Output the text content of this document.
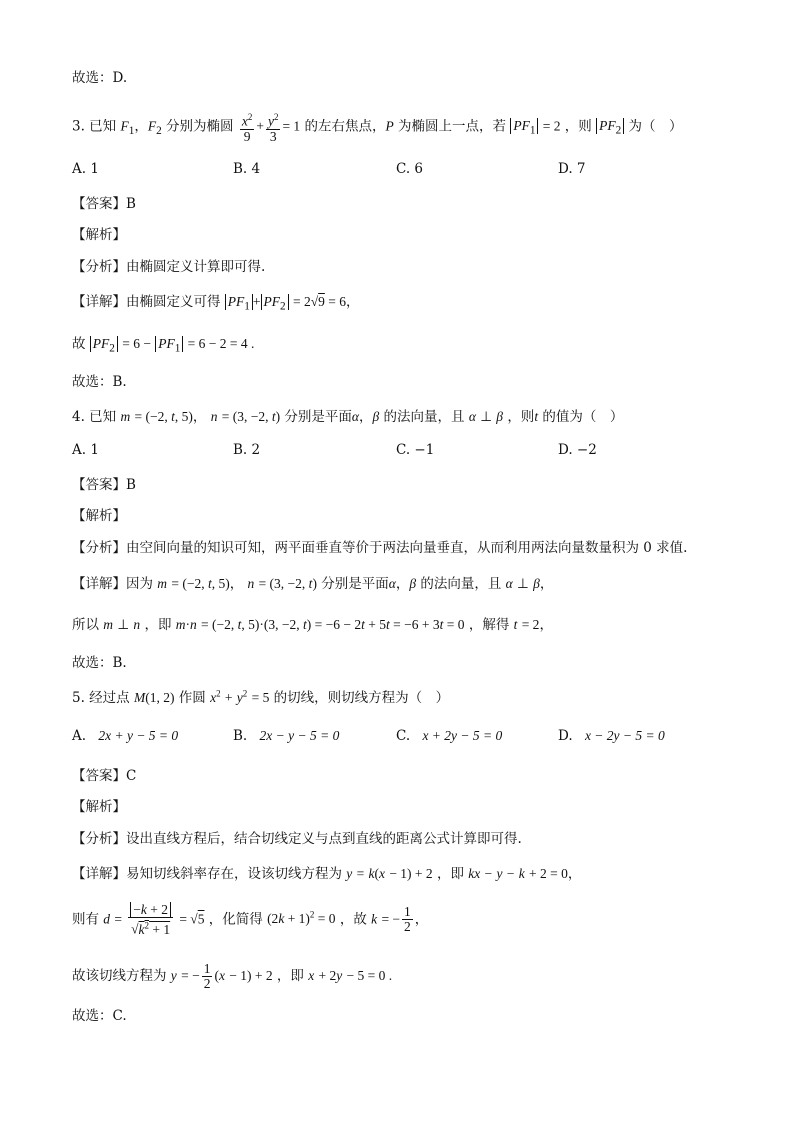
故选：D.
3. 已知 $F_1$，$F_2$ 分别为椭圆 $\frac{x^2}{9} + \frac{y^2}{3} = 1$ 的左右焦点，P 为椭圆上一点，若 $PF_1 = 2$ ，则 $PF_2$ 为（　）
A. 1	B. 4	C. 6	D. 7
【答案】B
【解析】
【分析】由椭圆定义计算即可得.
【详解】由椭圆定义可得 $PF_1 + PF_2 = 2√9 = 6$，
故 $PF_2 = 6 - PF_1 = 6 - 2 = 4$ .
故选：B.
4. 已知 m = (−2, t, 5)， n = (3, −2, t) 分别是平面α，β 的法向量，且 α ⊥ β ，则t 的值为（　）
A. 1	B. 2	C. −1	D. −2
【答案】B
【解析】
【分析】由空间向量的知识可知，两平面垂直等价于两法向量垂直，从而利用两法向量数量积为 0 求值.
【详解】因为 m = (−2, t, 5)， n = (3, −2, t) 分别是平面α，β 的法向量，且 α ⊥ β，
所以 m ⊥ n ，即 m·n = (−2, t, 5)·(3, −2, t) = −6 − 2t + 5t = −6 + 3t = 0 ，解得 t = 2，
故选：B.
5. 经过点 M(1, 2) 作圆 $x^2 + y^2 = 5$ 的切线，则切线方程为（　）
A. 2x + y − 5 = 0	B. 2x − y − 5 = 0	C. x + 2y − 5 = 0	D. x − 2y − 5 = 0
【答案】C
【解析】
【分析】设出直线方程后，结合切线定义与点到直线的距离公式计算即可得.
【详解】易知切线斜率存在，设该切线方程为 y = k(x − 1) + 2 ，即 kx − y − k + 2 = 0，
则有 $d = \frac{-k + 2}{√k^2 + 1} = √5$ ，化简得 $(2k + 1)^2 = 0$ ，故 k = − $\frac{1}{2}$ ，
故该切线方程为 y = − $\frac{1}{2} (x - 1) + 2$ ，即 x + 2y − 5 = 0 .
故选：C.
